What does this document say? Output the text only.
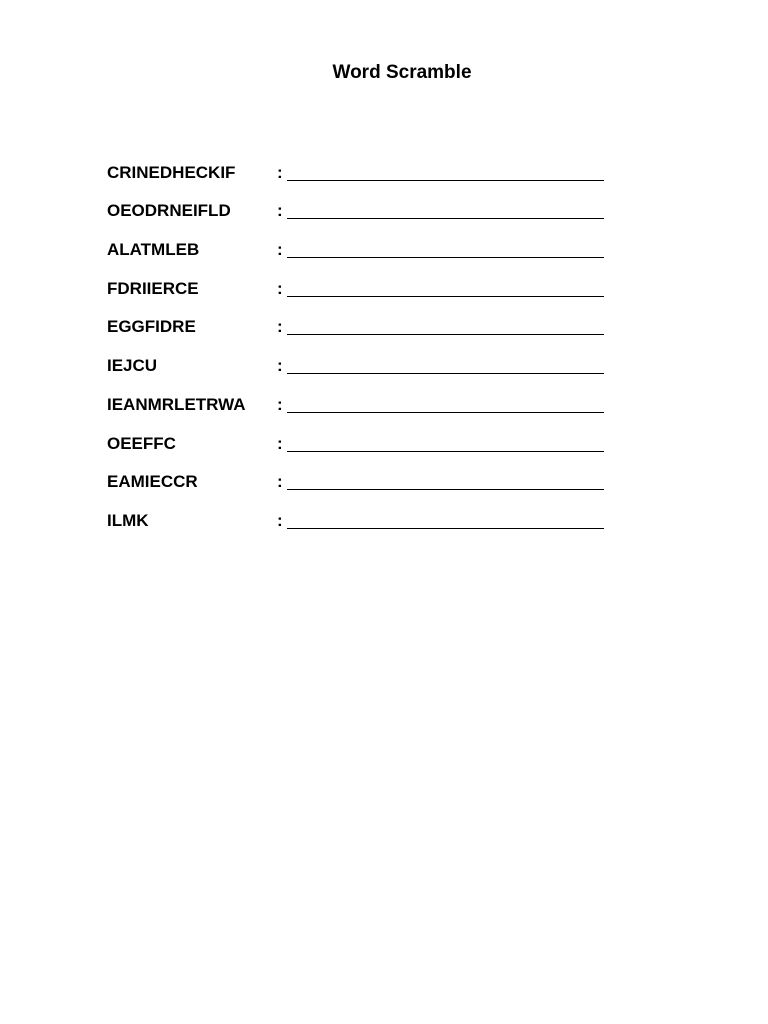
Word Scramble
CRINEDHECKIF	:
OEODRNEIFLD	:
ALATMLEB	:
FDRIIERCE	:
EGGFIDRE	:
IEJCU	:
IEANMRLETRWA	:
OEEFFC	:
EAMIECCR	:
ILMK	:
